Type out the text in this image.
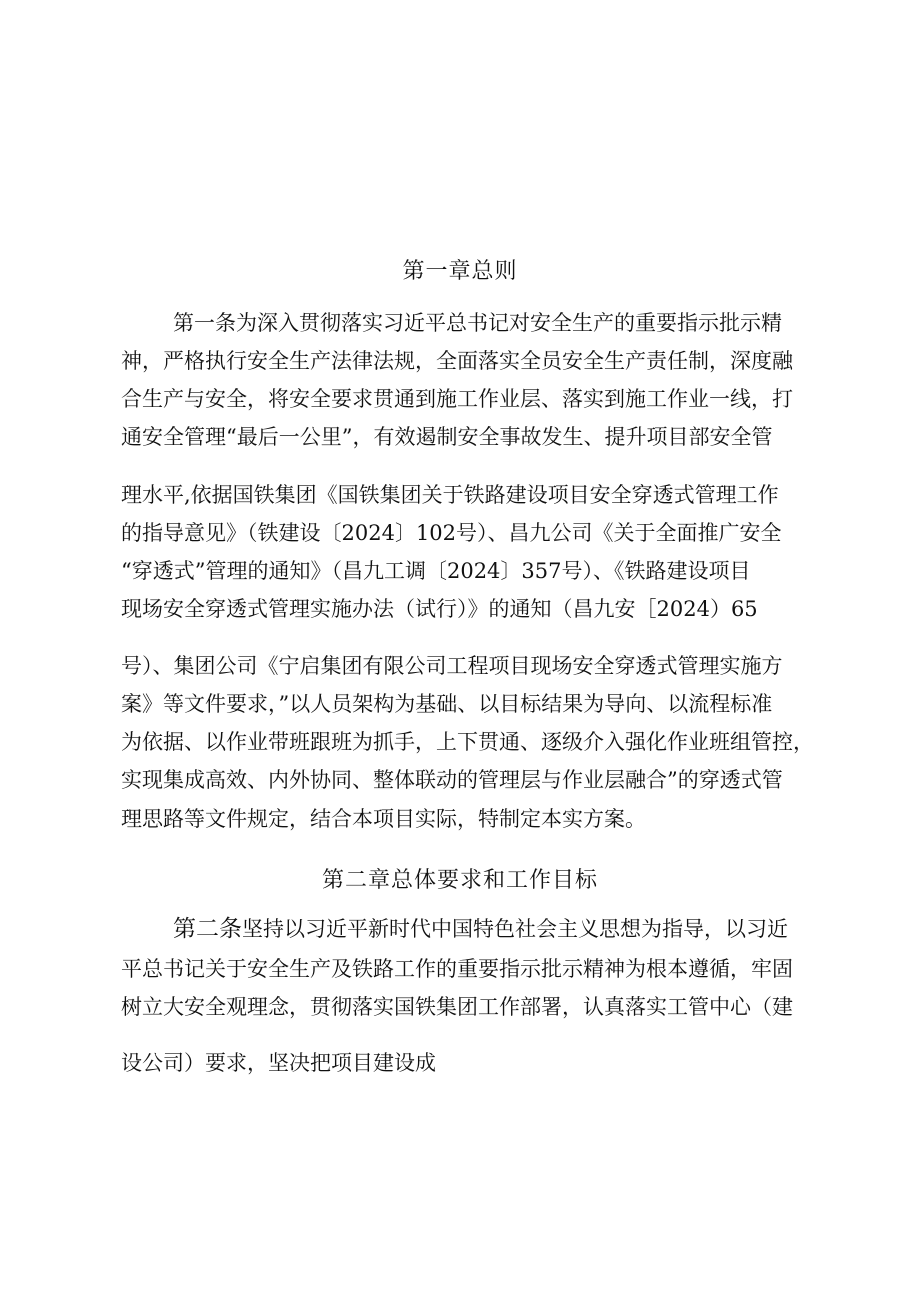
第一章总则
第一条为深入贯彻落实习近平总书记对安全生产的重要指示批示精
神，严格执行安全生产法律法规，全面落实全员安全生产责任制，深度融
合生产与安全，将安全要求贯通到施工作业层、落实到施工作业一线，打
通安全管理“最后一公里”，有效遏制安全事故发生、提升项目部安全管
理水平,依据国铁集团《国铁集团关于铁路建设项目安全穿透式管理工作
的指导意见》（铁建设〔2024〕102号）、昌九公司《关于全面推广安全
“穿透式”管理的通知》（昌九工调〔2024〕357号）、《铁路建设项目
现场安全穿透式管理实施办法（试行）》的通知（昌九安［2024）65
号）、集团公司《宁启集团有限公司工程项目现场安全穿透式管理实施方
案》等文件要求，”以人员架构为基础、以目标结果为导向、以流程标准
为依据、以作业带班跟班为抓手，上下贯通、逐级介入强化作业班组管控，
实现集成高效、内外协同、整体联动的管理层与作业层融合”的穿透式管
理思路等文件规定，结合本项目实际，特制定本实方案。
第二章总体要求和工作目标
第二条坚持以习近平新时代中国特色社会主义思想为指导，以习近
平总书记关于安全生产及铁路工作的重要指示批示精神为根本遵循，牢固
树立大安全观理念，贯彻落实国铁集团工作部署，认真落实工管中心（建
设公司）要求，坚决把项目建设成
